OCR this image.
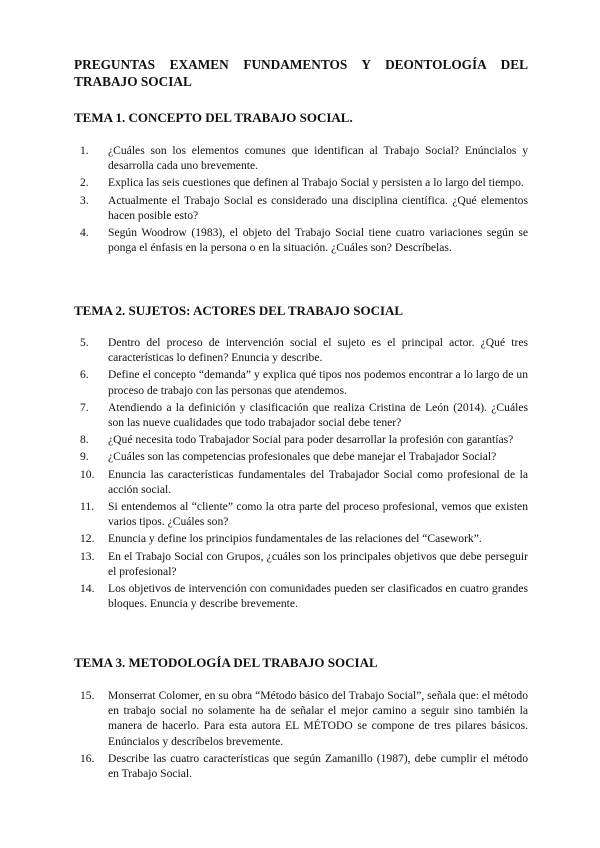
PREGUNTAS EXAMEN FUNDAMENTOS Y DEONTOLOGÍA DEL TRABAJO SOCIAL
TEMA 1. CONCEPTO DEL TRABAJO SOCIAL.
1.	¿Cuáles son los elementos comunes que identifican al Trabajo Social? Enúncialos y desarrolla cada uno brevemente.
2.	Explica las seis cuestiones que definen al Trabajo Social y persisten a lo largo del tiempo.
3.	Actualmente el Trabajo Social es considerado una disciplina científica. ¿Qué elementos hacen posible esto?
4.	Según Woodrow (1983), el objeto del Trabajo Social tiene cuatro variaciones según se ponga el énfasis en la persona o en la situación. ¿Cuáles son? Descríbelas.
TEMA 2. SUJETOS: ACTORES DEL TRABAJO SOCIAL
5.	Dentro del proceso de intervención social el sujeto es el principal actor. ¿Qué tres características lo definen? Enuncia y describe.
6.	Define el concepto “demanda” y explica qué tipos nos podemos encontrar a lo largo de un proceso de trabajo con las personas que atendemos.
7.	Atendiendo a la definición y clasificación que realiza Cristina de León (2014). ¿Cuáles son las nueve cualidades que todo trabajador social debe tener?
8.	¿Qué necesita todo Trabajador Social para poder desarrollar la profesión con garantías?
9.	¿Cuáles son las competencias profesionales que debe manejar el Trabajador Social?
10.	Enuncia las características fundamentales del Trabajador Social como profesional de la acción social.
11.	Si entendemos al “cliente” como la otra parte del proceso profesional, vemos que existen varios tipos. ¿Cuáles son?
12.	Enuncia y define los principios fundamentales de las relaciones del “Casework”.
13.	En el Trabajo Social con Grupos, ¿cuáles son los principales objetivos que debe perseguir el profesional?
14.	Los objetivos de intervención con comunidades pueden ser clasificados en cuatro grandes bloques. Enuncia y describe brevemente.
TEMA 3. METODOLOGÍA DEL TRABAJO SOCIAL
15.	Monserrat Colomer, en su obra “Método básico del Trabajo Social”, señala que: el método en trabajo social no solamente ha de señalar el mejor camino a seguir sino también la manera de hacerlo. Para esta autora EL MÉTODO se compone de tres pilares básicos. Enúncialos y descríbelos brevemente.
16.	Describe las cuatro características que según Zamanillo (1987), debe cumplir el método en Trabajo Social.
